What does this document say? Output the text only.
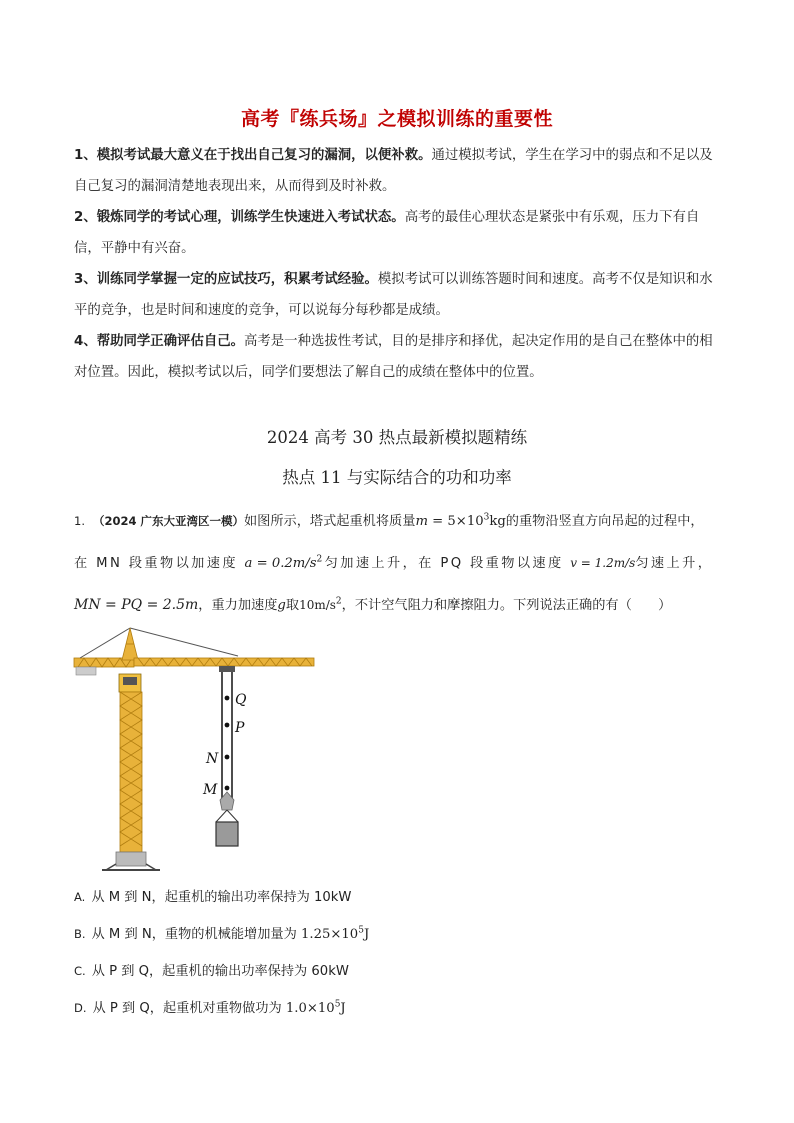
高考『练兵场』之模拟训练的重要性

1、模拟考试最大意义在于找出自己复习的漏洞，以便补救。通过模拟考试，学生在学习中的弱点和不足以及自己复习的漏洞清楚地表现出来，从而得到及时补救。

2、锻炼同学的考试心理，训练学生快速进入考试状态。高考的最佳心理状态是紧张中有乐观，压力下有自信，平静中有兴奋。

3、训练同学掌握一定的应试技巧，积累考试经验。模拟考试可以训练答题时间和速度。高考不仅是知识和水平的竞争，也是时间和速度的竞争，可以说每分每秒都是成绩。

4、帮助同学正确评估自己。高考是一种选拔性考试，目的是排序和择优，起决定作用的是自己在整体中的相对位置。因此，模拟考试以后，同学们要想法了解自己的成绩在整体中的位置。

2024 高考 30 热点最新模拟题精练
热点 11 与实际结合的功和功率
1. （2024 广东大亚湾区一模）如图所示，塔式起重机将质量$m = 5\times 10^3kg$的重物沿竖直方向吊起的过程中，
在 MN 段重物以加速度 $a = 0.2m/s^2$匀加速上升，在 PQ 段重物以速度 v = 1.2m/s匀速上升，
MN = PQ = 2.5m，重力加速度g取$10m/s^2$，不计空气阻力和摩擦阻力。下列说法正确的有（　　）
Q
P
N
M
A. 从 M 到 N，起重机的输出功率保持为 10kW
B. 从 M 到 N，重物的机械能增加量为 $1.25\times 10^5J$
C. 从 P 到 Q，起重机的输出功率保持为 60kW
D. 从 P 到 Q，起重机对重物做功为 $1.0\times 10^5J$
